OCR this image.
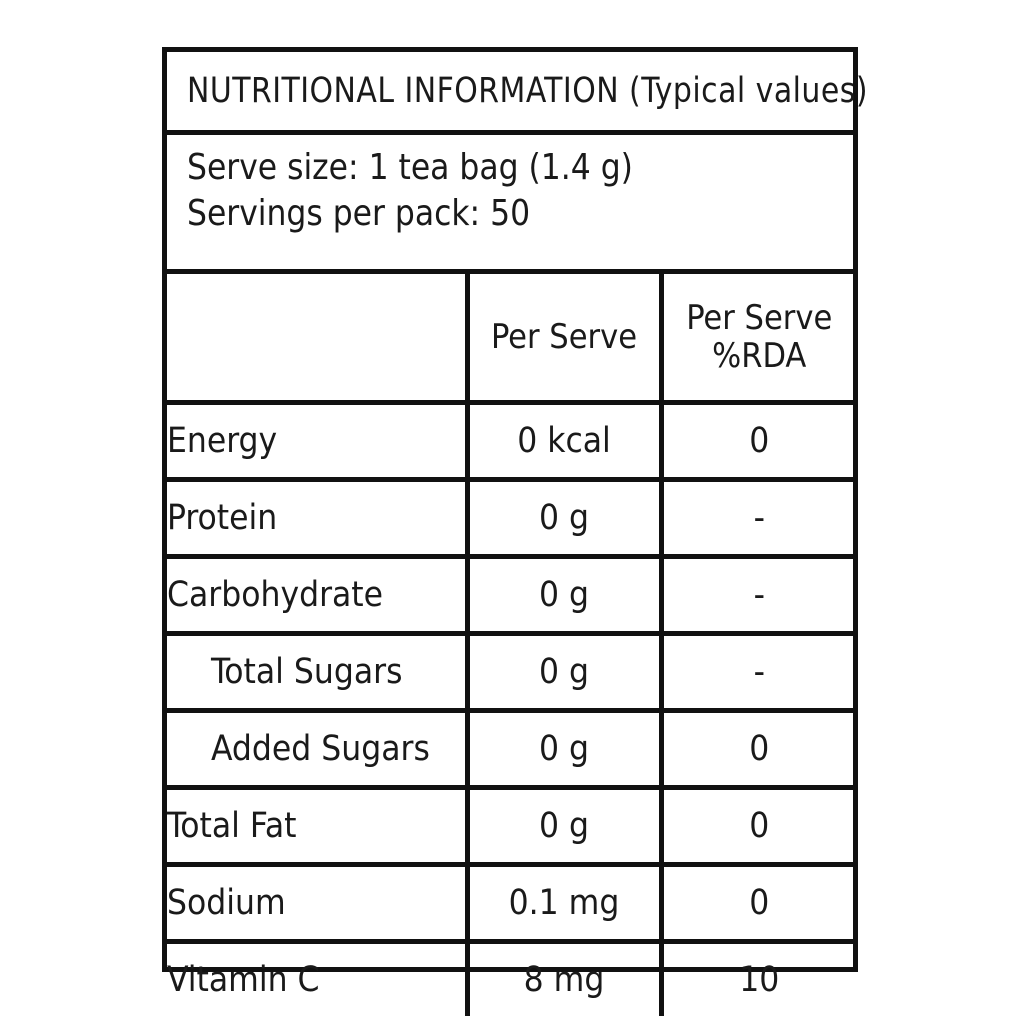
NUTRITIONAL INFORMATION (Typical values)
Serve size: 1 tea bag (1.4 g)
Servings per pack: 50
	Per Serve	Per Serve
%RDA

Energy	0 kcal	0
Protein	0 g	-
Carbohydrate	0 g	-
Total Sugars	0 g	-
Added Sugars	0 g	0
Total Fat	0 g	0
Sodium	0.1 mg	0
Vitamin C	8 mg	10
